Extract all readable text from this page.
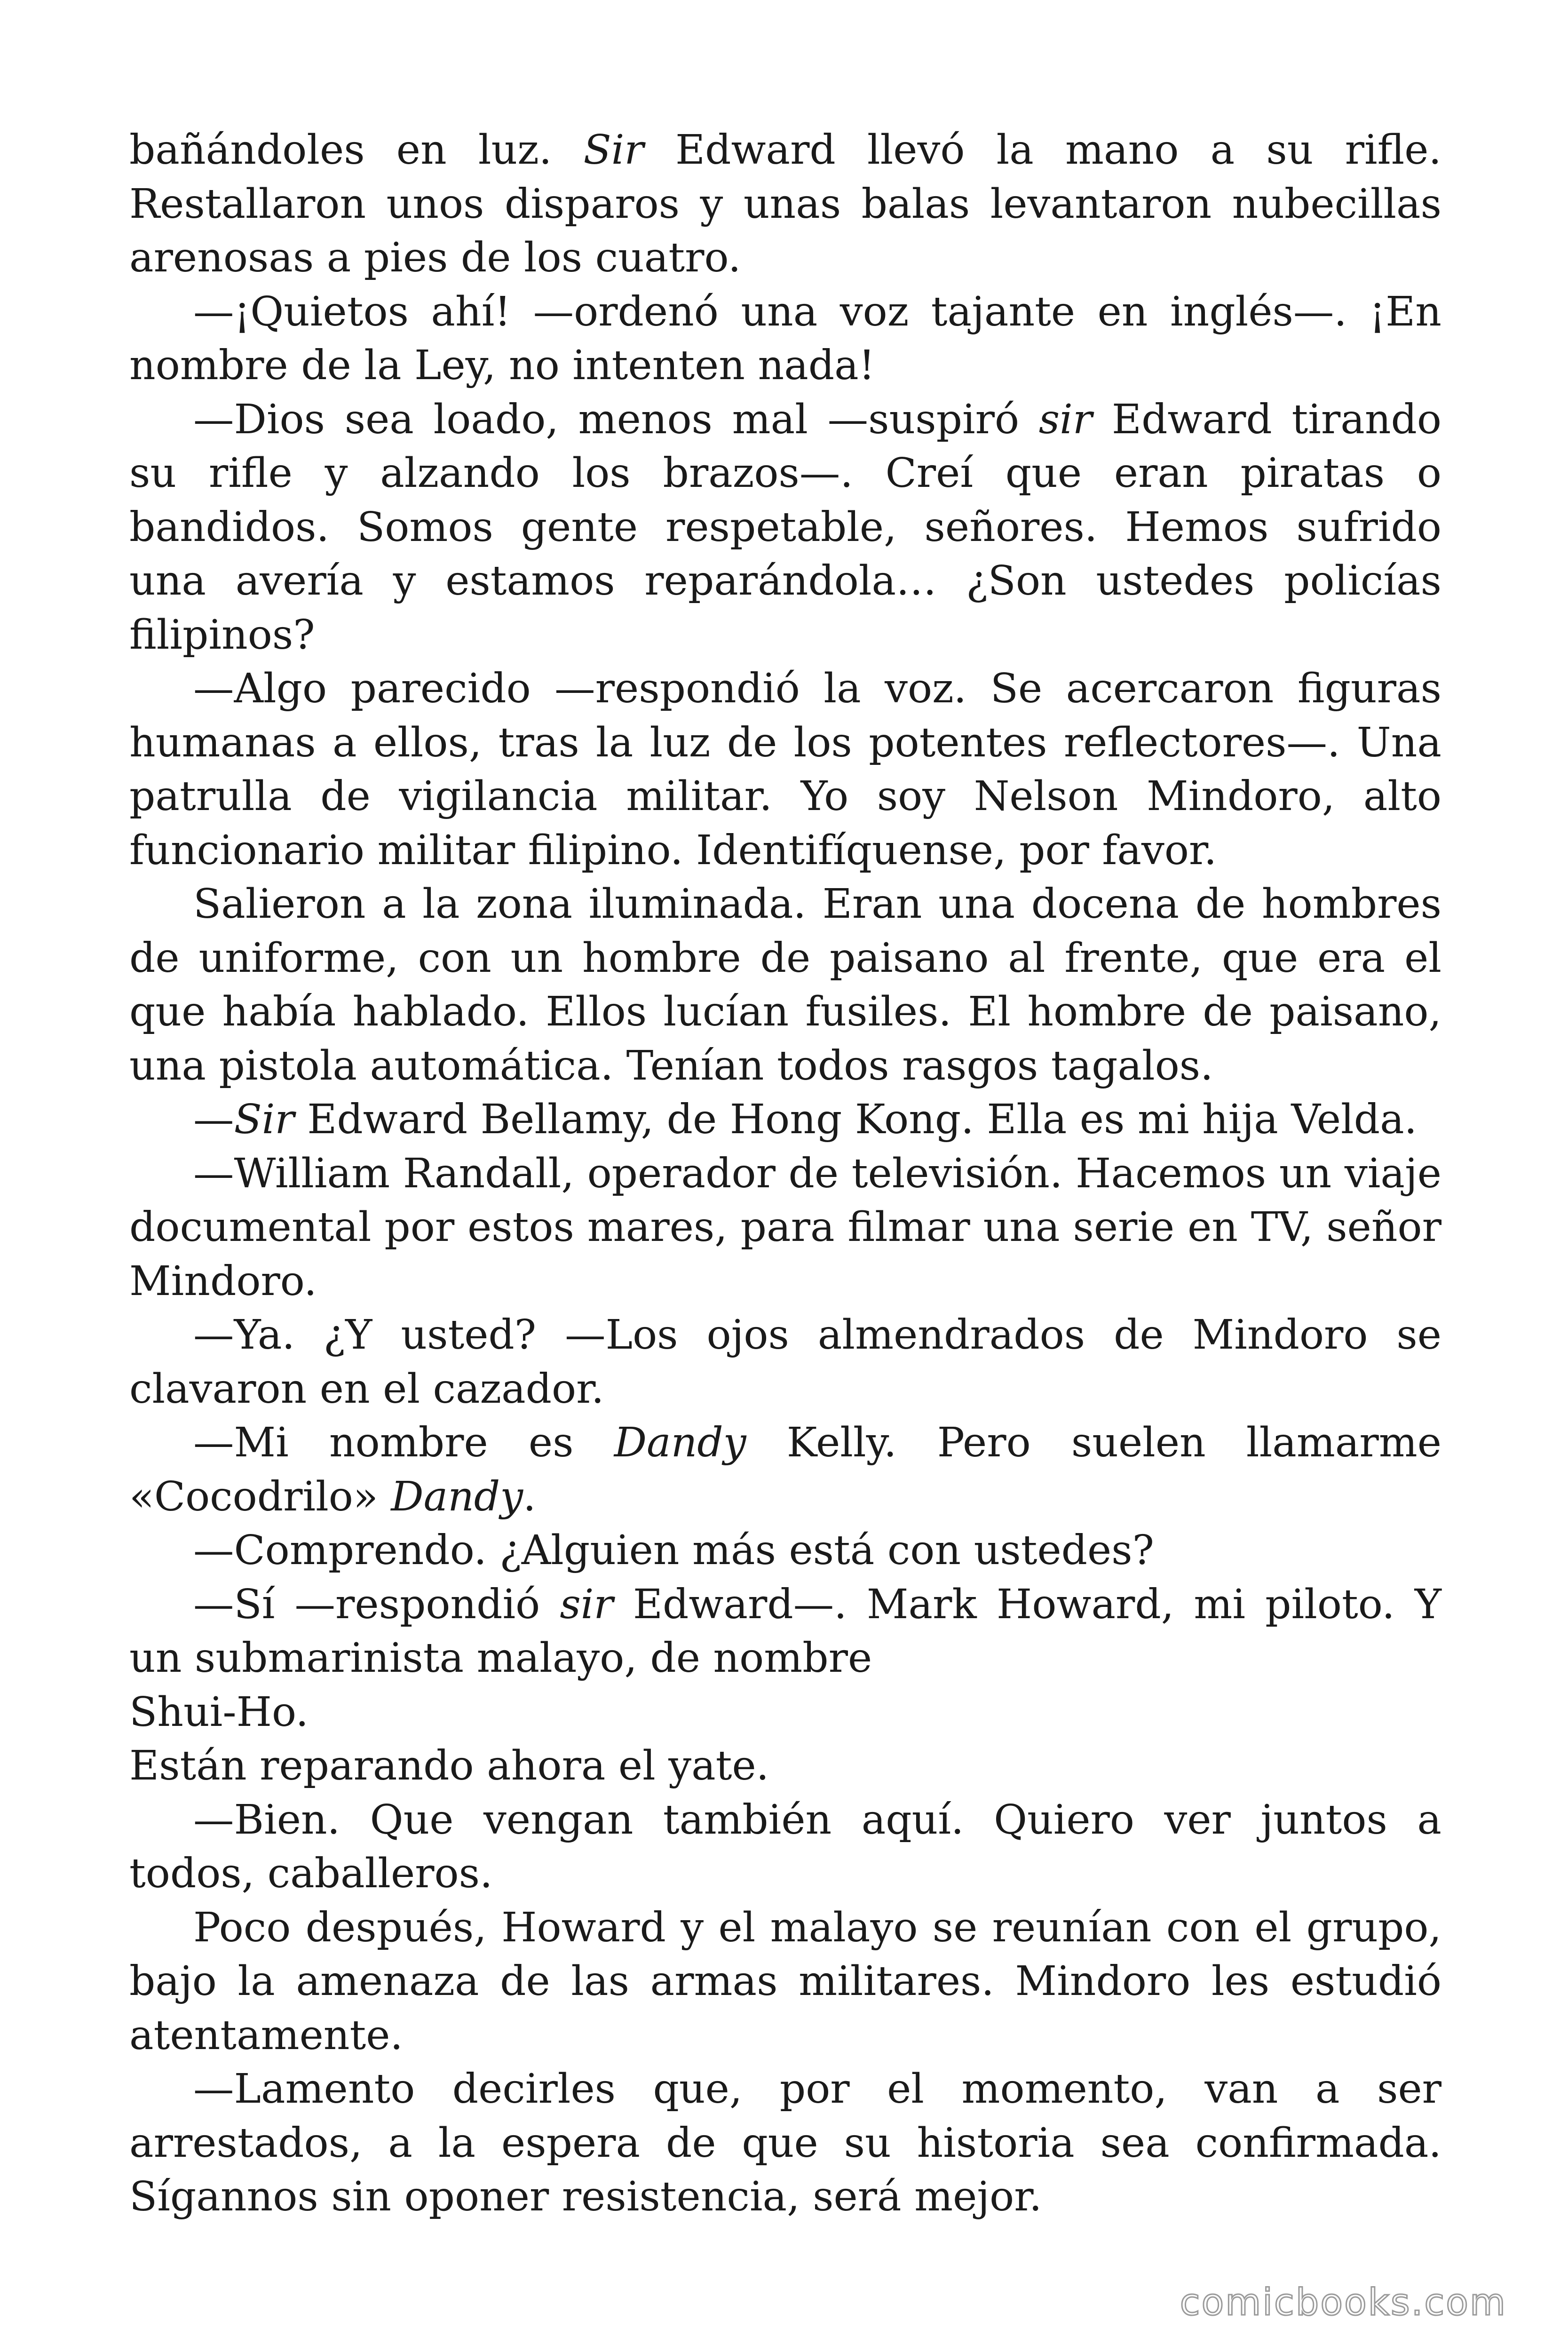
bañándoles en luz. Sir Edward llevó la mano a su rifle. Restallaron unos disparos y unas balas levantaron nubecillas arenosas a pies de los cuatro.

—¡Quietos ahí! —ordenó una voz tajante en inglés—. ¡En nombre de la Ley, no intenten nada!

—Dios sea loado, menos mal —suspiró sir Edward tirando su rifle y alzando los brazos—. Creí que eran piratas o bandidos. Somos gente respetable, señores. Hemos sufrido una avería y estamos reparándola… ¿Son ustedes policías filipinos?

—Algo parecido —respondió la voz. Se acercaron figuras humanas a ellos, tras la luz de los potentes reflectores—. Una patrulla de vigilancia militar. Yo soy Nelson Mindoro, alto funcionario militar filipino. Identifíquense, por favor.

Salieron a la zona iluminada. Eran una docena de hombres de uniforme, con un hombre de paisano al frente, que era el que había hablado. Ellos lucían fusiles. El hombre de paisano, una pistola automática. Tenían todos rasgos tagalos.

—Sir Edward Bellamy, de Hong Kong. Ella es mi hija Velda.

—William Randall, operador de televisión. Hacemos un viaje documental por estos mares, para filmar una serie en TV, señor Mindoro.

—Ya. ¿Y usted? —Los ojos almendrados de Mindoro se clavaron en el cazador.

—Mi nombre es Dandy Kelly. Pero suelen llamarme «Cocodrilo» Dandy.

—Comprendo. ¿Alguien más está con ustedes?

—Sí —respondió sir Edward—. Mark Howard, mi piloto. Y un submarinista malayo, de nombre

Shui-Ho.

Están reparando ahora el yate.

—Bien. Que vengan también aquí. Quiero ver juntos a todos, caballeros.

Poco después, Howard y el malayo se reunían con el grupo, bajo la amenaza de las armas militares. Mindoro les estudió atentamente.

—Lamento decirles que, por el momento, van a ser arrestados, a la espera de que su historia sea confirmada. Sígannos sin oponer resistencia, será mejor.

comicbooks.com
